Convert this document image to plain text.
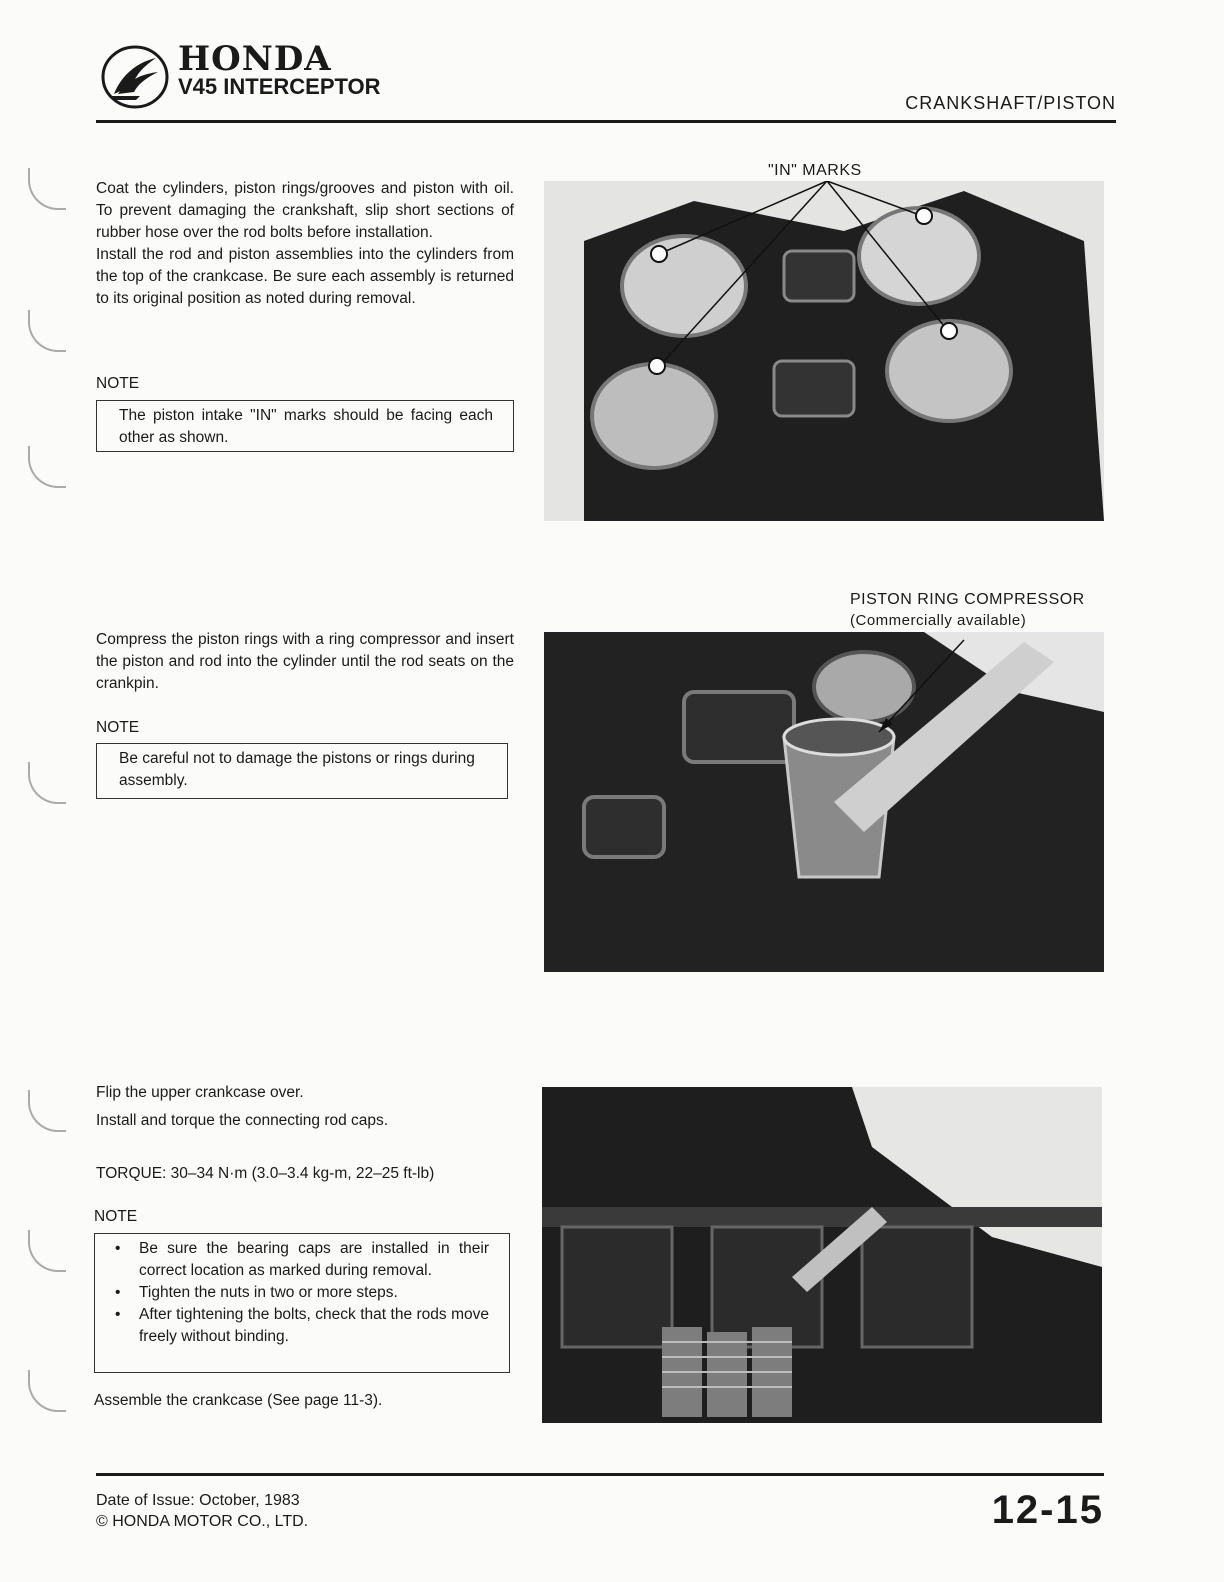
HONDA
V45 INTERCEPTOR
CRANKSHAFT/PISTON

Coat the cylinders, piston rings/grooves and piston with oil. To prevent damaging the crankshaft, slip short sections of rubber hose over the rod bolts before installation.

Install the rod and piston assemblies into the cylinders from the top of the crankcase. Be sure each assembly is returned to its original position as noted during removal.

NOTE
The piston intake "IN" marks should be facing each other as shown.
"IN" MARKS
PISTON RING COMPRESSOR
(Commercially available)

Compress the piston rings with a ring compressor and insert the piston and rod into the cylinder until the rod seats on the crankpin.

NOTE
Be careful not to damage the pistons or rings during assembly.
Flip the upper crankcase over.
Install and torque the connecting rod caps.
TORQUE: 30–34 N·m (3.0–3.4 kg-m, 22–25 ft-lb)
NOTE
• Be sure the bearing caps are installed in their correct location as marked during removal.
• Tighten the nuts in two or more steps.
• After tightening the bolts, check that the rods move freely without binding.
Assemble the crankcase (See page 11-3).
Date of Issue: October, 1983
© HONDA MOTOR CO., LTD.	12-15
